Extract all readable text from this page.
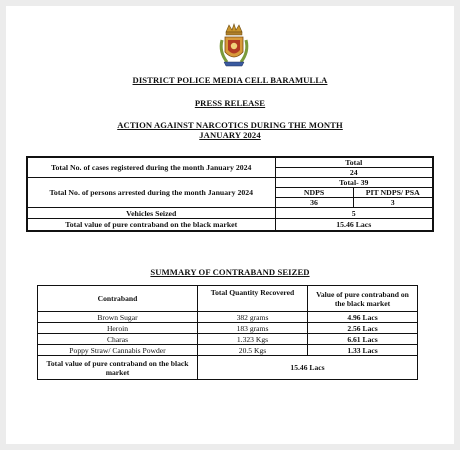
DISTRICT POLICE MEDIA CELL BARAMULLA
PRESS RELEASE
ACTION AGAINST NARCOTICS DURING THE MONTH
JANUARY 2024
Total No. of cases registered during the month January 2024	Total	
	24	
Total No. of persons arrested during the month January 2024	Total- 39	
	NDPS	PIT NDPS/ PSA
	36	3
Vehicles Seized	5	
Total value of pure contraband on the black market	15.46 Lacs	
SUMMARY OF CONTRABAND SEIZED
Contraband	Total Quantity Recovered	Value of pure contraband on the black market
Brown Sugar	382 grams	4.96 Lacs
Heroin	183 grams	2.56 Lacs
Charas	1.323 Kgs	6.61 Lacs
Poppy Straw/ Cannabis Powder	20.5 Kgs	1.33 Lacs
Total value of pure contraband on the black market	15.46 Lacs	
